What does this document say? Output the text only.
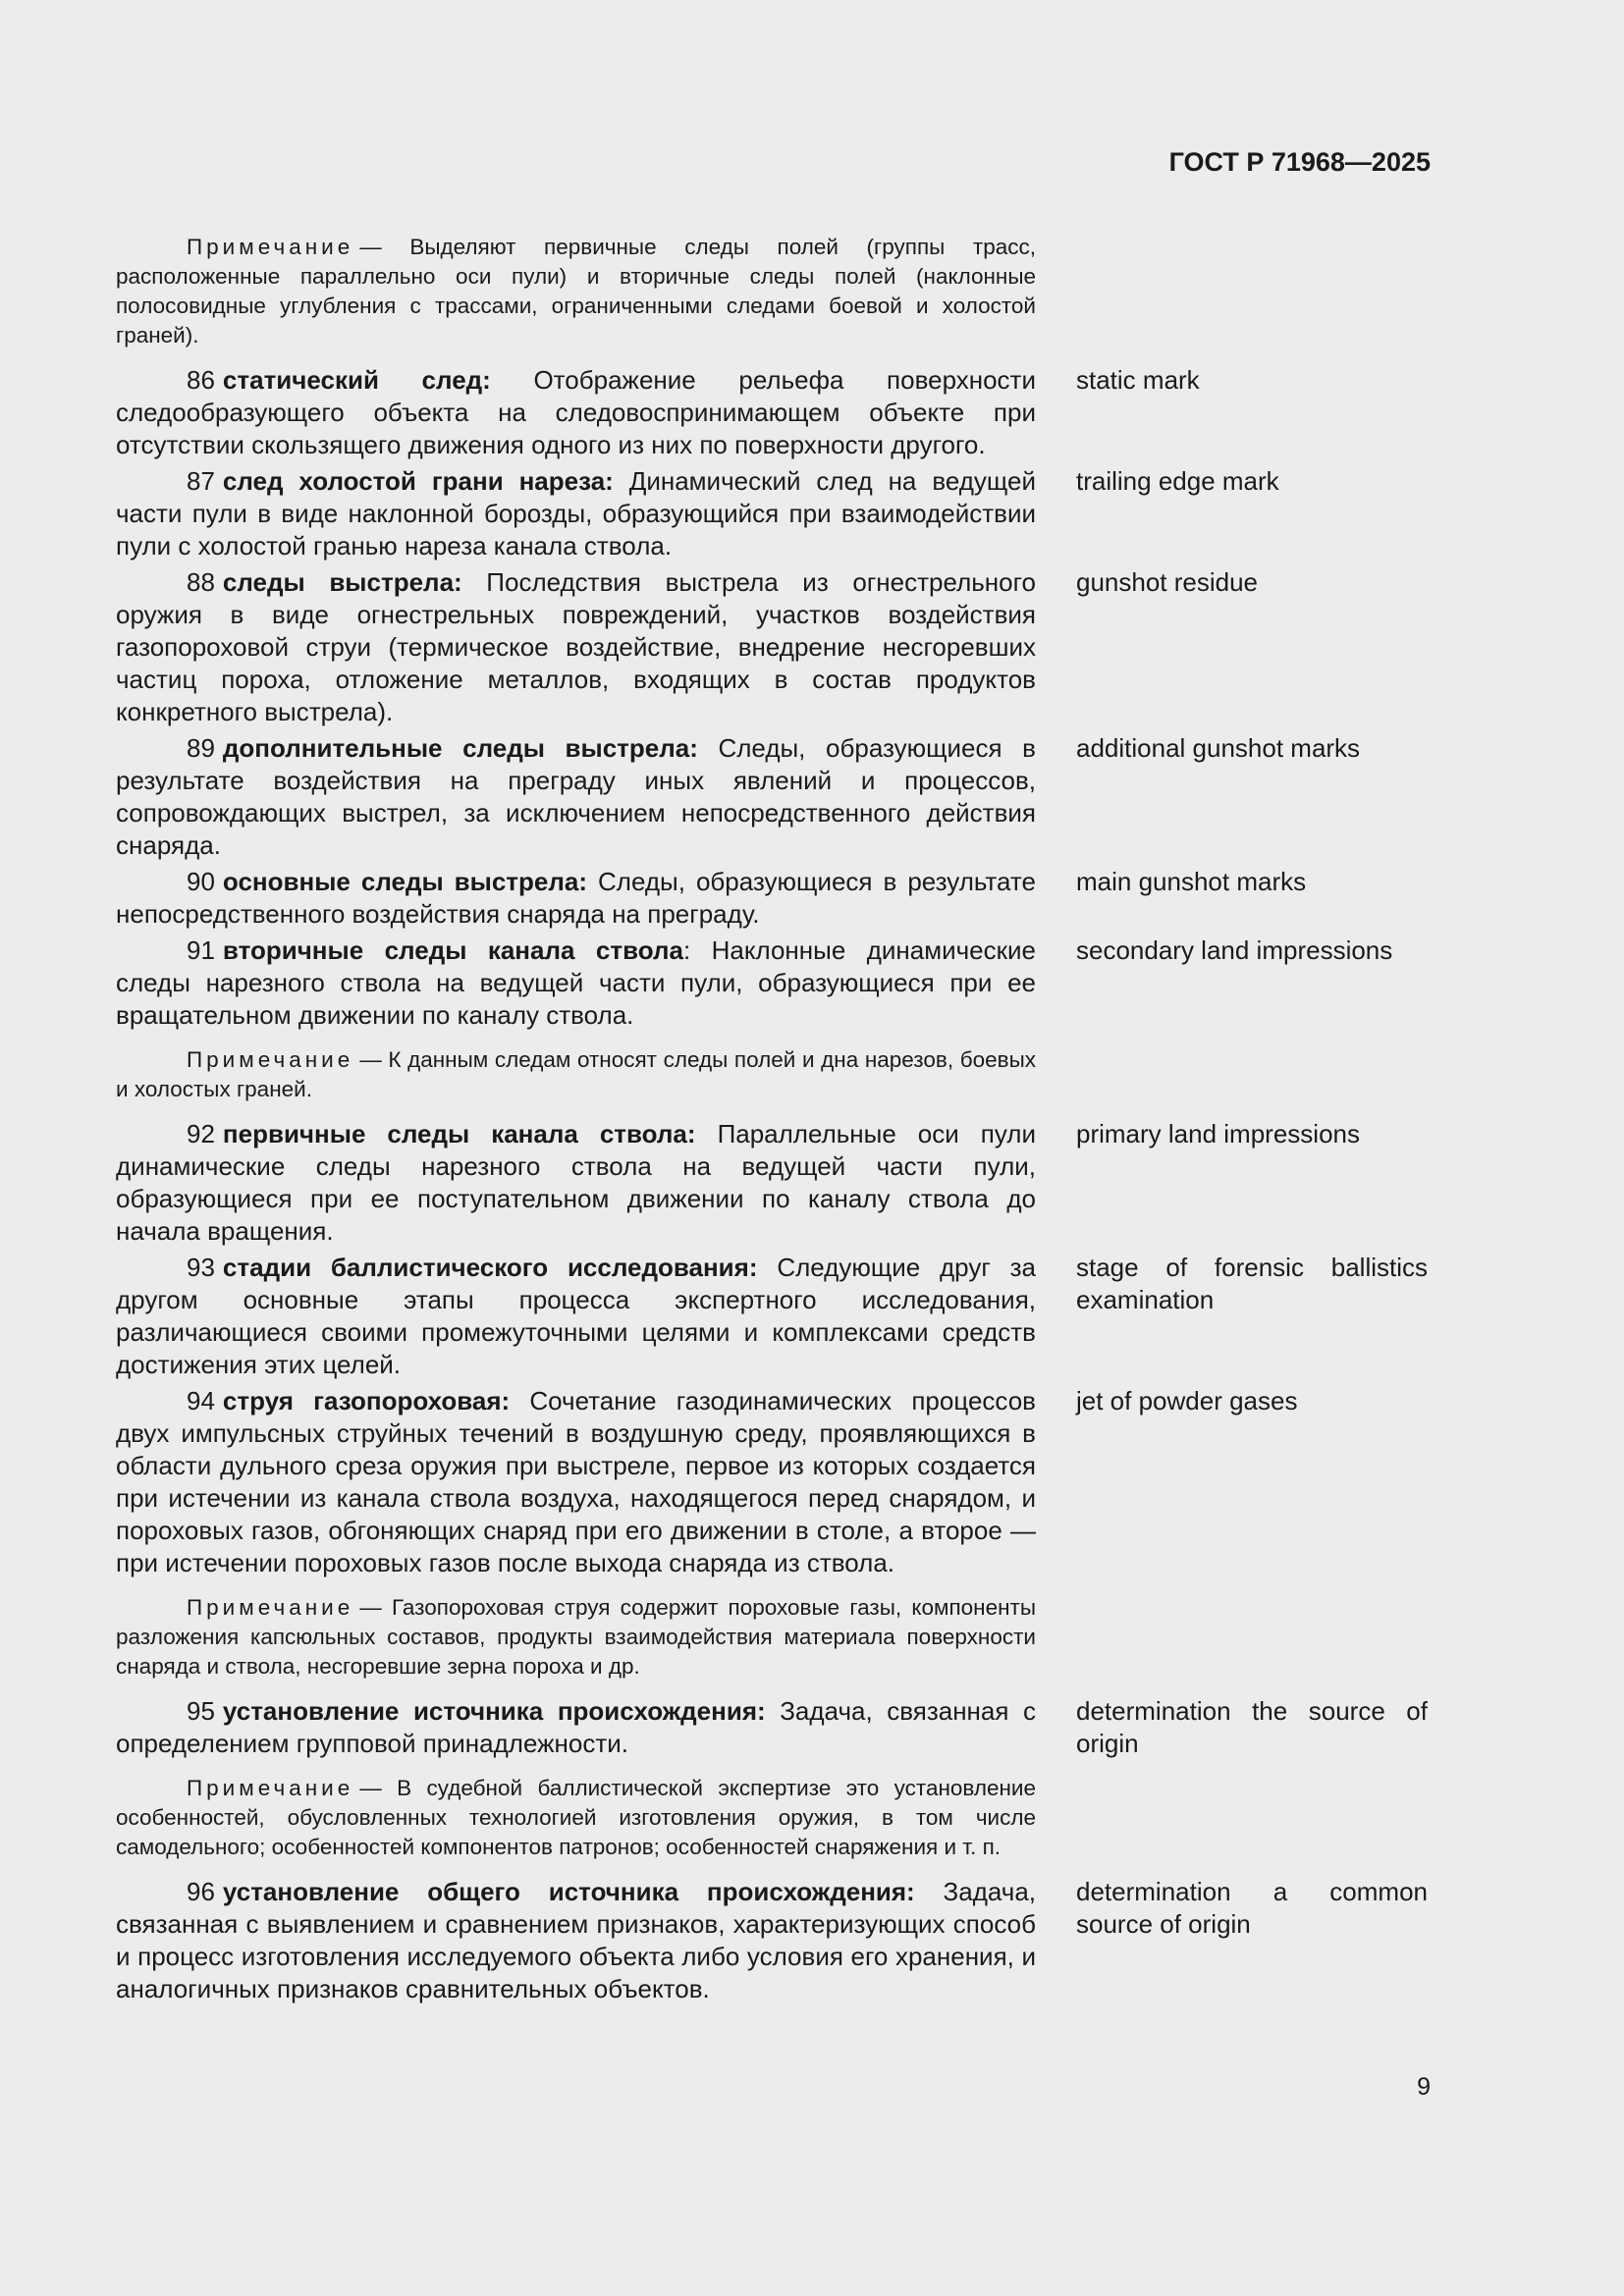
ГОСТ Р 71968—2025
Примечание — Выделяют первичные следы полей (группы трасс, расположенные параллельно оси пули) и вторичные следы полей (наклонные полосовидные углубления с трассами, ограниченными следами боевой и холостой граней).
86 статический след: Отображение рельефа поверхности следообразующего объекта на следовоспринимающем объекте при отсутствии скользящего движения одного из них по поверхности другого.
static mark
87 след холостой грани нареза: Динамический след на ведущей части пули в виде наклонной борозды, образующийся при взаимодействии пули с холостой гранью нареза канала ствола.
trailing edge mark
88 следы выстрела: Последствия выстрела из огнестрельного оружия в виде огнестрельных повреждений, участков воздействия газопороховой струи (термическое воздействие, внедрение несгоревших частиц пороха, отложение металлов, входящих в состав продуктов конкретного выстрела).
gunshot residue
89 дополнительные следы выстрела: Следы, образующиеся в результате воздействия на преграду иных явлений и процессов, сопровождающих выстрел, за исключением непосредственного действия снаряда.
additional gunshot marks
90 основные следы выстрела: Следы, образующиеся в результате непосредственного воздействия снаряда на преграду.
main gunshot marks
91 вторичные следы канала ствола: Наклонные динамические следы нарезного ствола на ведущей части пули, образующиеся при ее вращательном движении по каналу ствола.
secondary land impressions
Примечание — К данным следам относят следы полей и дна нарезов, боевых и холостых граней.
92 первичные следы канала ствола: Параллельные оси пули динамические следы нарезного ствола на ведущей части пули, образующиеся при ее поступательном движении по каналу ствола до начала вращения.
primary land impressions
93 стадии баллистического исследования: Следующие друг за другом основные этапы процесса экспертного исследования, различающиеся своими промежуточными целями и комплексами средств достижения этих целей.
stage of forensic ballistics examination
94 струя газопороховая: Сочетание газодинамических процессов двух импульсных струйных течений в воздушную среду, проявляющихся в области дульного среза оружия при выстреле, первое из которых создается при истечении из канала ствола воздуха, находящегося перед снарядом, и пороховых газов, обгоняющих снаряд при его движении в столе, а второе — при истечении пороховых газов после выхода снаряда из ствола.
jet of powder gases
Примечание — Газопороховая струя содержит пороховые газы, компоненты разложения капсюльных составов, продукты взаимодействия материала поверхности снаряда и ствола, несгоревшие зерна пороха и др.
95 установление источника происхождения: Задача, связанная с определением групповой принадлежности.
determination the source of origin
Примечание — В судебной баллистической экспертизе это установление особенностей, обусловленных технологией изготовления оружия, в том числе самодельного; особенностей компонентов патронов; особенностей снаряжения и т. п.
96 установление общего источника происхождения: Задача, связанная с выявлением и сравнением признаков, характеризующих способ и процесс изготовления исследуемого объекта либо условия его хранения, и аналогичных признаков сравнительных объектов.
determination a common source of origin
9
